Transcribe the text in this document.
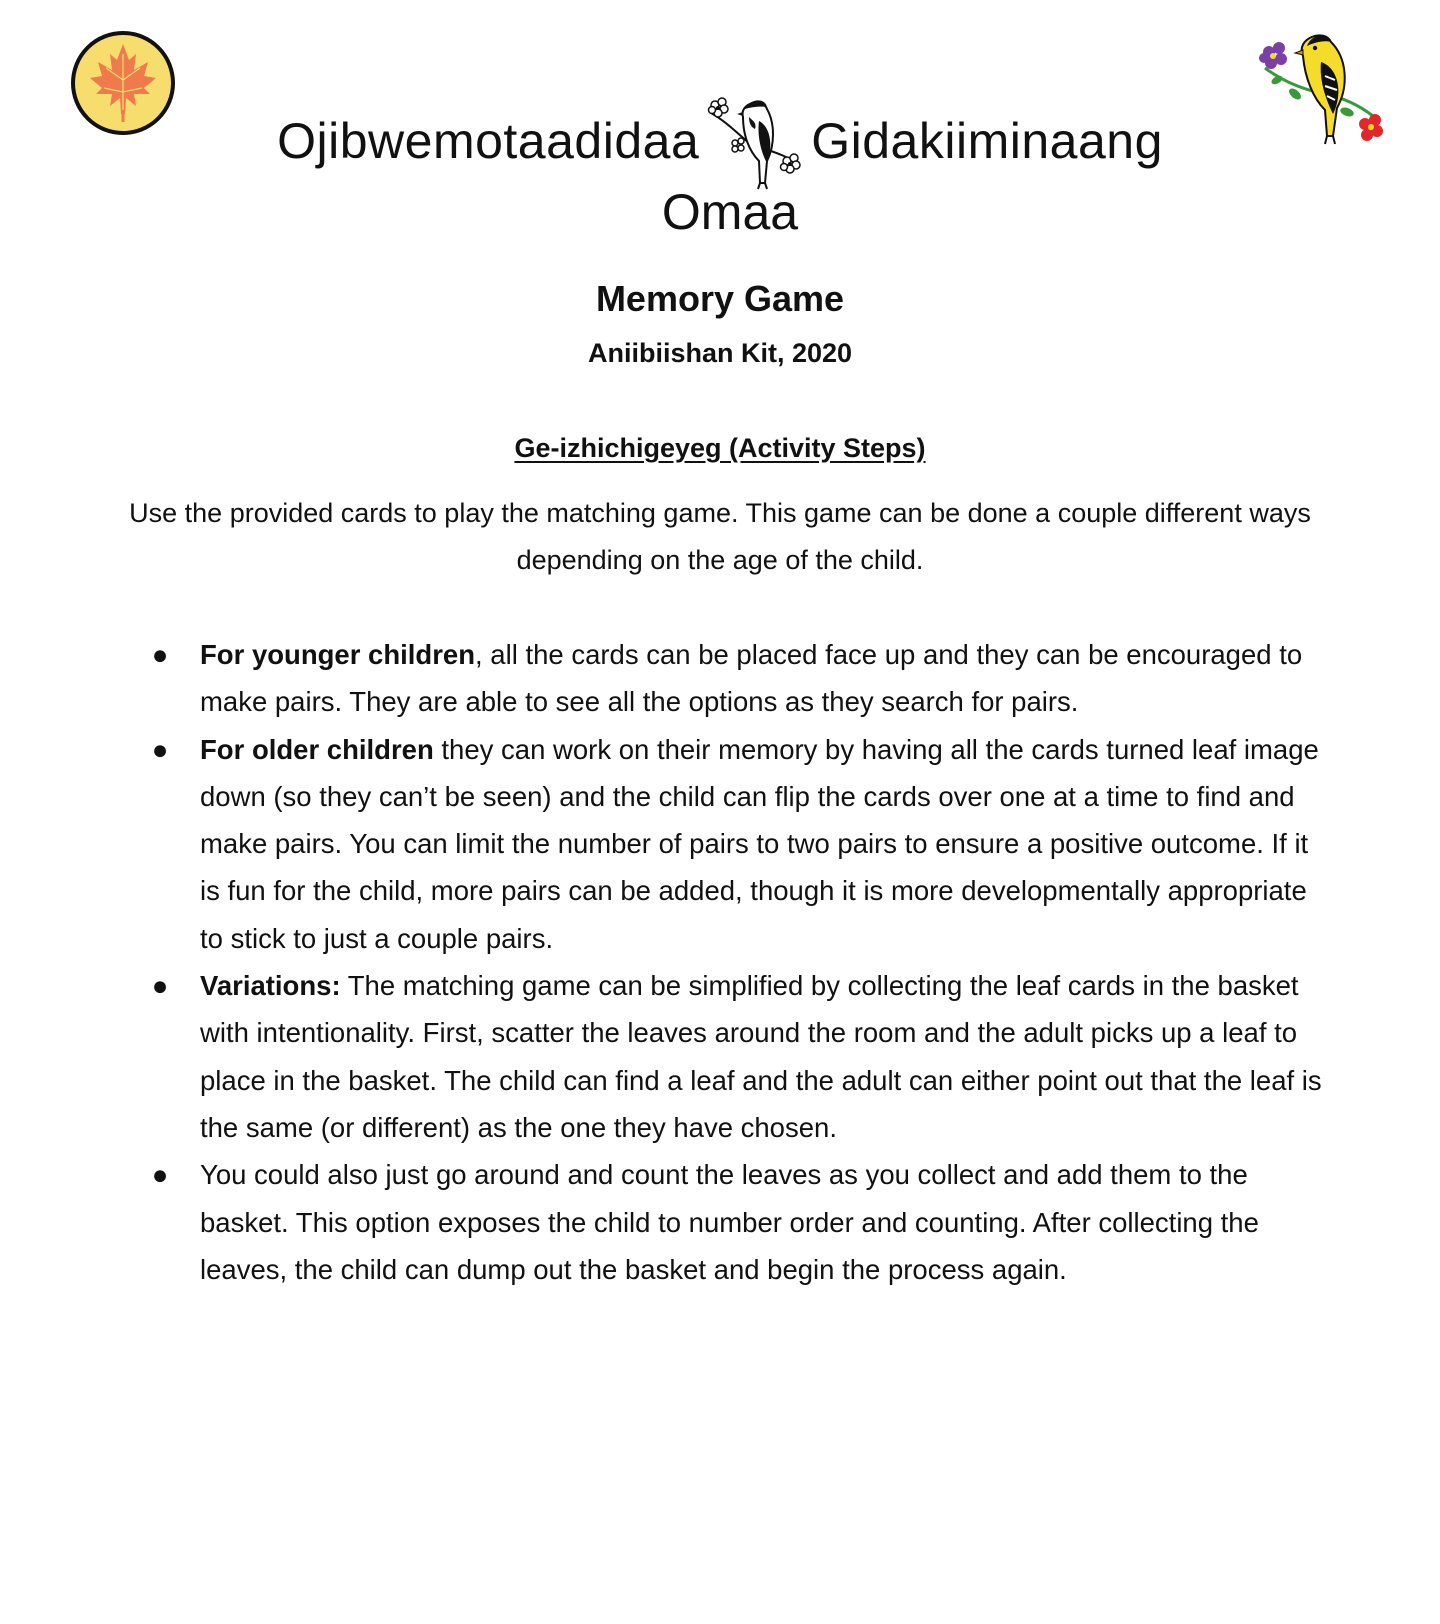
Ojibwemotaadidaa Gidakiiminaang
Omaa
Memory Game
Aniibiishan Kit, 2020
Ge-izhichigeyeg (Activity Steps)
Use the provided cards to play the matching game. This game can be done a couple different ways depending on the age of the child.
● For younger children, all the cards can be placed face up and they can be encouraged to make pairs. They are able to see all the options as they search for pairs.
● For older children they can work on their memory by having all the cards turned leaf image down (so they can’t be seen) and the child can flip the cards over one at a time to find and make pairs. You can limit the number of pairs to two pairs to ensure a positive outcome. If it is fun for the child, more pairs can be added, though it is more developmentally appropriate to stick to just a couple pairs.
● Variations: The matching game can be simplified by collecting the leaf cards in the basket with intentionality. First, scatter the leaves around the room and the adult picks up a leaf to place in the basket. The child can find a leaf and the adult can either point out that the leaf is the same (or different) as the one they have chosen.
● You could also just go around and count the leaves as you collect and add them to the basket. This option exposes the child to number order and counting. After collecting the leaves, the child can dump out the basket and begin the process again.
